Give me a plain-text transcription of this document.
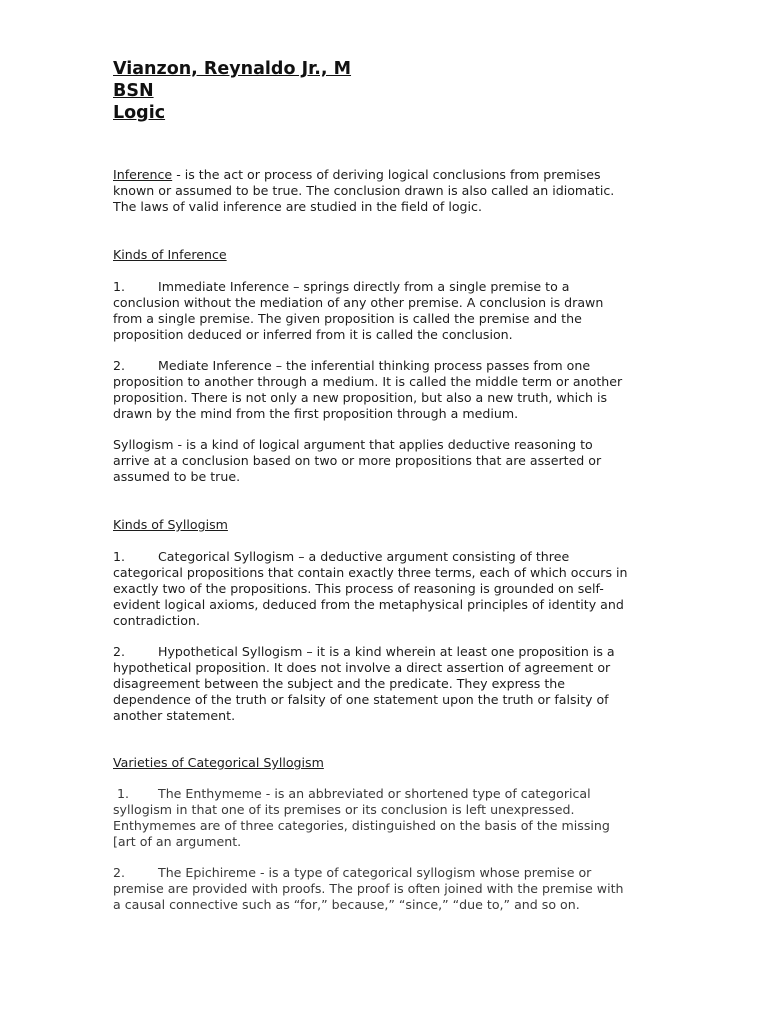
Vianzon, Reynaldo Jr., M
BSN
Logic

Inference - is the act or process of deriving logical conclusions from premises
known or assumed to be true. The conclusion drawn is also called an idiomatic.
The laws of valid inference are studied in the field of logic.

Kinds of Inference

1.	Immediate Inference – springs directly from a single premise to a
conclusion without the mediation of any other premise. A conclusion is drawn
from a single premise. The given proposition is called the premise and the
proposition deduced or inferred from it is called the conclusion.

2.	Mediate Inference – the inferential thinking process passes from one
proposition to another through a medium. It is called the middle term or another
proposition. There is not only a new proposition, but also a new truth, which is
drawn by the mind from the first proposition through a medium.

Syllogism - is a kind of logical argument that applies deductive reasoning to
arrive at a conclusion based on two or more propositions that are asserted or
assumed to be true.

Kinds of Syllogism

1.	Categorical Syllogism – a deductive argument consisting of three
categorical propositions that contain exactly three terms, each of which occurs in
exactly two of the propositions. This process of reasoning is grounded on self-
evident logical axioms, deduced from the metaphysical principles of identity and
contradiction.

2.	Hypothetical Syllogism – it is a kind wherein at least one proposition is a
hypothetical proposition. It does not involve a direct assertion of agreement or
disagreement between the subject and the predicate. They express the
dependence of the truth or falsity of one statement upon the truth or falsity of
another statement.

Varieties of Categorical Syllogism

1. The Enthymeme - is an abbreviated or shortened type of categorical
syllogism in that one of its premises or its conclusion is left unexpressed.
Enthymemes are of three categories, distinguished on the basis of the missing
[art of an argument.

2.	The Epichireme - is a type of categorical syllogism whose premise or
premise are provided with proofs. The proof is often joined with the premise with
a causal connective such as “for,” because,” “since,” “due to,” and so on.
